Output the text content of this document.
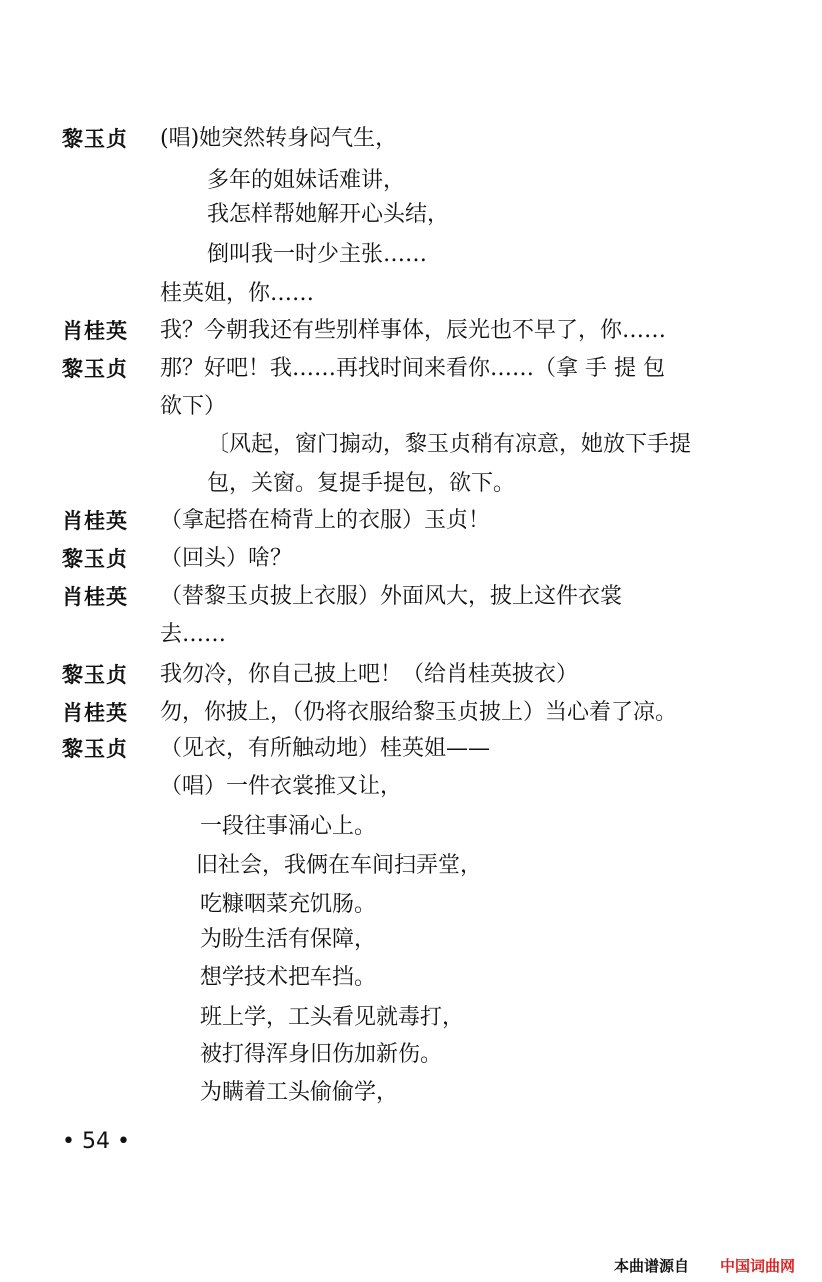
黎玉贞 (唱)她突然转身闷气生，
多年的姐妹话难讲，
我怎样帮她解开心头结，
倒叫我一时少主张……
桂英姐，你……
肖桂英 我？今朝我还有些别样事体，辰光也不早了，你……
黎玉贞 那？好吧！我……再找时间来看你……（拿 手 提 包
欲下）
〔风起，窗门搧动，黎玉贞稍有凉意，她放下手提
包，关窗。复提手提包，欲下。
肖桂英 （拿起搭在椅背上的衣服）玉贞！
黎玉贞 （回头）啥？
肖桂英 （替黎玉贞披上衣服）外面风大，披上这件衣裳
去……
黎玉贞 我勿冷，你自己披上吧！（给肖桂英披衣）
肖桂英 勿，你披上，（仍将衣服给黎玉贞披上）当心着了凉。
黎玉贞 （见衣，有所触动地）桂英姐——
（唱）一件衣裳推又让，
一段往事涌心上。
旧社会，我俩在车间扫弄堂，
吃糠咽菜充饥肠。
为盼生活有保障，
想学技术把车挡。
班上学，工头看见就毒打，
被打得浑身旧伤加新伤。
为瞒着工头偷偷学，
• 54 •
本曲谱源自 中国词曲网
